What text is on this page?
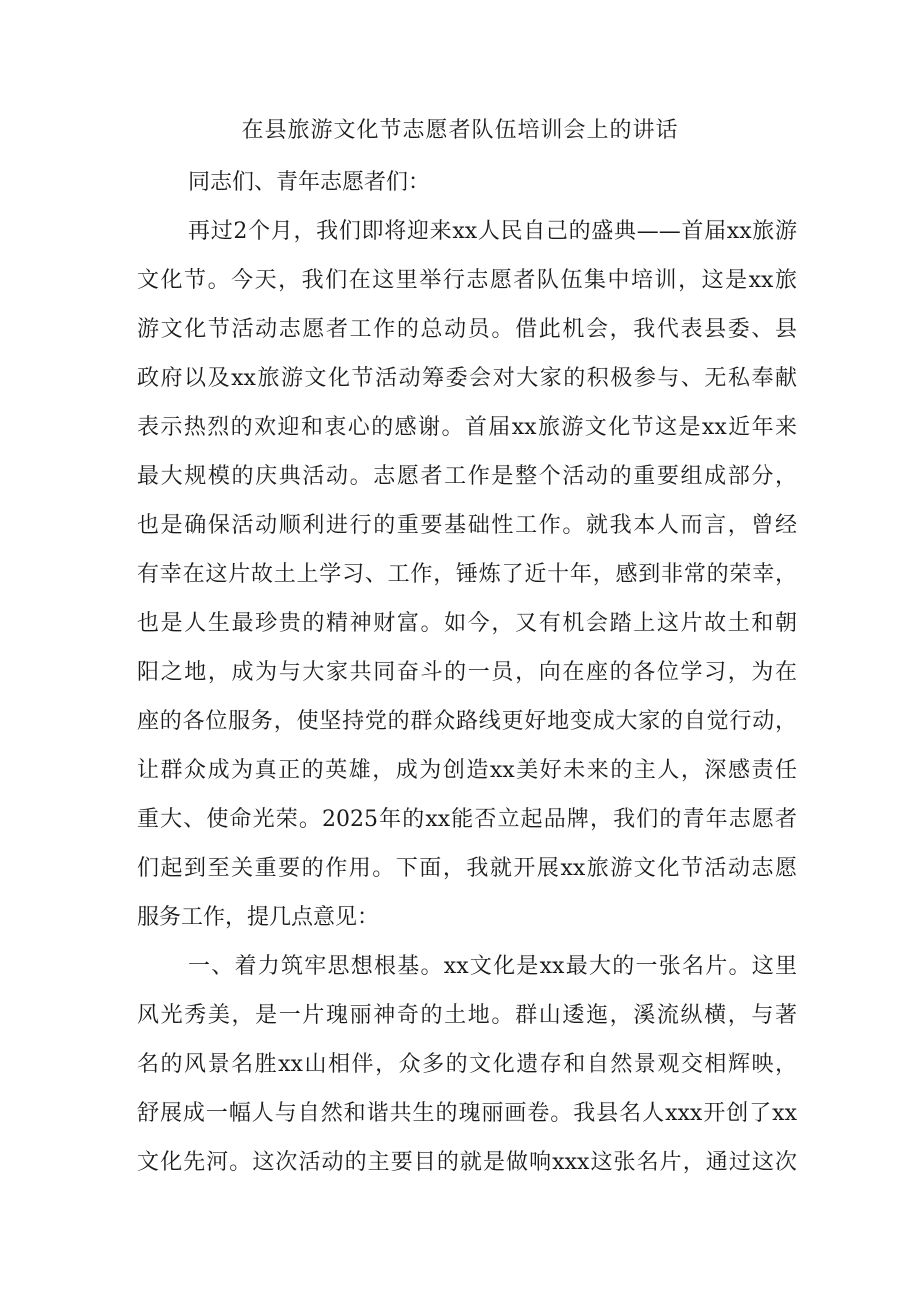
在县旅游文化节志愿者队伍培训会上的讲话
同志们、青年志愿者们：
再过2个月，我们即将迎来xx人民自己的盛典——首届xx旅游
文化节。今天，我们在这里举行志愿者队伍集中培训，这是xx旅
游文化节活动志愿者工作的总动员。借此机会，我代表县委、县
政府以及xx旅游文化节活动筹委会对大家的积极参与、无私奉献
表示热烈的欢迎和衷心的感谢。首届xx旅游文化节这是xx近年来
最大规模的庆典活动。志愿者工作是整个活动的重要组成部分，
也是确保活动顺利进行的重要基础性工作。就我本人而言，曾经
有幸在这片故土上学习、工作，锤炼了近十年，感到非常的荣幸，
也是人生最珍贵的精神财富。如今，又有机会踏上这片故土和朝
阳之地，成为与大家共同奋斗的一员，向在座的各位学习，为在
座的各位服务，使坚持党的群众路线更好地变成大家的自觉行动，
让群众成为真正的英雄，成为创造xx美好未来的主人，深感责任
重大、使命光荣。2025年的xx能否立起品牌，我们的青年志愿者
们起到至关重要的作用。下面，我就开展xx旅游文化节活动志愿
服务工作，提几点意见：
一、着力筑牢思想根基。xx文化是xx最大的一张名片。这里
风光秀美，是一片瑰丽神奇的土地。群山逶迤，溪流纵横，与著
名的风景名胜xx山相伴，众多的文化遗存和自然景观交相辉映，
舒展成一幅人与自然和谐共生的瑰丽画卷。我县名人xxx开创了xx
文化先河。这次活动的主要目的就是做响xxx这张名片，通过这次
